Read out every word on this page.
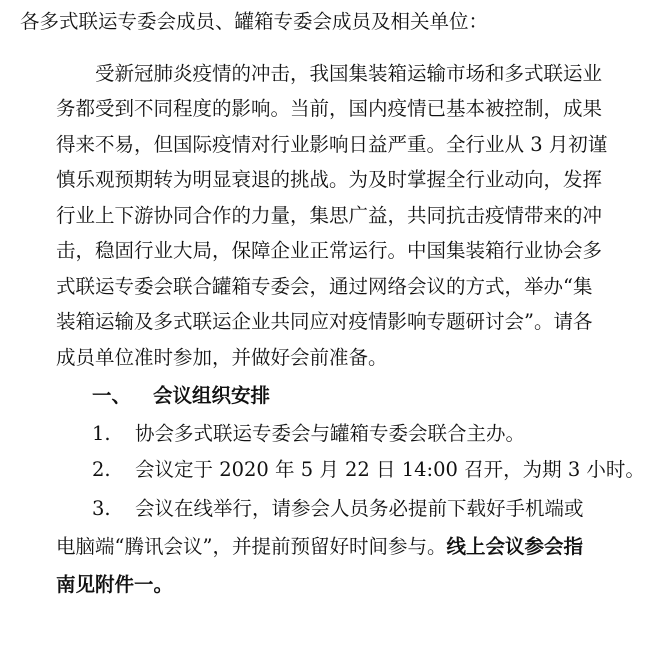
各多式联运专委会成员、罐箱专委会成员及相关单位：
受新冠肺炎疫情的冲击，我国集装箱运输市场和多式联运业
务都受到不同程度的影响。当前，国内疫情已基本被控制，成果
得来不易，但国际疫情对行业影响日益严重。全行业从 3 月初谨
慎乐观预期转为明显衰退的挑战。为及时掌握全行业动向，发挥
行业上下游协同合作的力量，集思广益，共同抗击疫情带来的冲
击，稳固行业大局，保障企业正常运行。中国集装箱行业协会多
式联运专委会联合罐箱专委会，通过网络会议的方式，举办“集
装箱运输及多式联运企业共同应对疫情影响专题研讨会”。请各
成员单位准时参加，并做好会前准备。
一、 会议组织安排
1. 协会多式联运专委会与罐箱专委会联合主办。
2. 会议定于 2020 年 5 月 22 日 14:00 召开，为期 3 小时。
3. 会议在线举行，请参会人员务必提前下载好手机端或
电脑端“腾讯会议”，并提前预留好时间参与。线上会议参会指
南见附件一。
